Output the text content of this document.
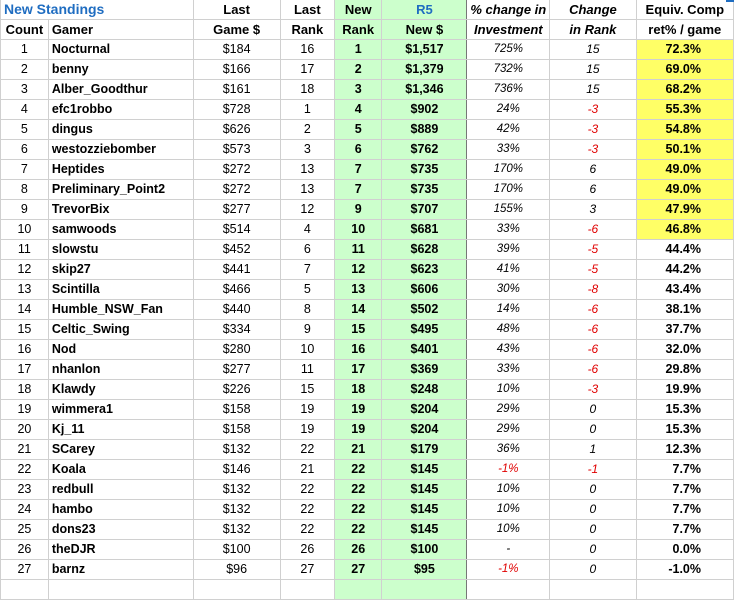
New Standings		Last	Last	New	R5	% change in	Change	Equiv. Comp
Count	Gamer	Game $	Rank	Rank	New $	Investment	in Rank	ret% / game
1	Nocturnal	$184	16	1	$1,517	725%	15	72.3%
2	benny	$166	17	2	$1,379	732%	15	69.0%
3	Alber_Goodthur	$161	18	3	$1,346	736%	15	68.2%
4	efc1robbo	$728	1	4	$902	24%	-3	55.3%
5	dingus	$626	2	5	$889	42%	-3	54.8%
6	westozziebomber	$573	3	6	$762	33%	-3	50.1%
7	Heptides	$272	13	7	$735	170%	6	49.0%
8	Preliminary_Point2	$272	13	7	$735	170%	6	49.0%
9	TrevorBix	$277	12	9	$707	155%	3	47.9%
10	samwoods	$514	4	10	$681	33%	-6	46.8%
11	slowstu	$452	6	11	$628	39%	-5	44.4%
12	skip27	$441	7	12	$623	41%	-5	44.2%
13	Scintilla	$466	5	13	$606	30%	-8	43.4%
14	Humble_NSW_Fan	$440	8	14	$502	14%	-6	38.1%
15	Celtic_Swing	$334	9	15	$495	48%	-6	37.7%
16	Nod	$280	10	16	$401	43%	-6	32.0%
17	nhanlon	$277	11	17	$369	33%	-6	29.8%
18	Klawdy	$226	15	18	$248	10%	-3	19.9%
19	wimmera1	$158	19	19	$204	29%	0	15.3%
20	Kj_11	$158	19	19	$204	29%	0	15.3%
21	SCarey	$132	22	21	$179	36%	1	12.3%
22	Koala	$146	21	22	$145	-1%	-1	7.7%
23	redbull	$132	22	22	$145	10%	0	7.7%
24	hambo	$132	22	22	$145	10%	0	7.7%
25	dons23	$132	22	22	$145	10%	0	7.7%
26	theDJR	$100	26	26	$100	-	0	0.0%
27	barnz	$96	27	27	$95	-1%	0	-1.0%
